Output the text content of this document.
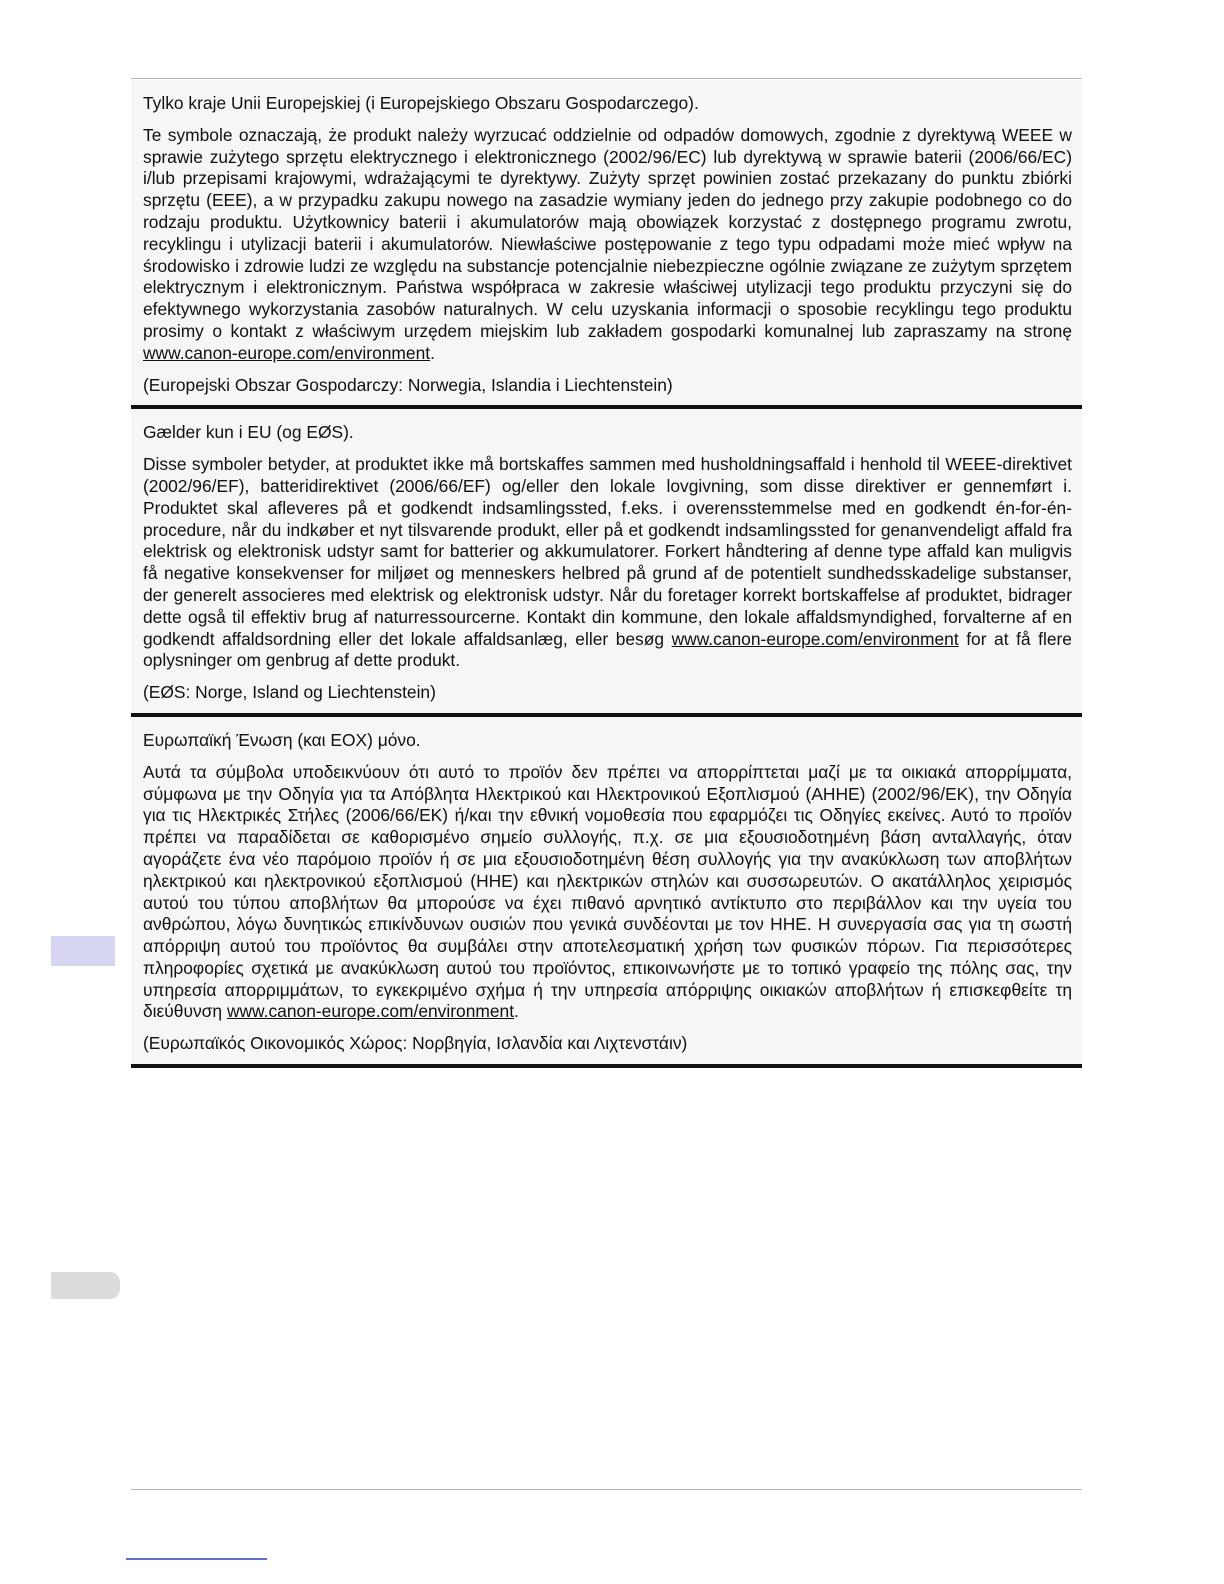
Tylko kraje Unii Europejskiej (i Europejskiego Obszaru Gospodarczego).

Te symbole oznaczają, że produkt należy wyrzucać oddzielnie od odpadów domowych, zgodnie z dyrektywą WEEE w sprawie zużytego sprzętu elektrycznego i elektronicznego (2002/96/EC) lub dyrektywą w sprawie baterii (2006/66/EC) i/lub przepisami krajowymi, wdrażającymi te dyrektywy. Zużyty sprzęt powinien zostać przekazany do punktu zbiórki sprzętu (EEE), a w przypadku zakupu nowego na zasadzie wymiany jeden do jednego przy zakupie podobnego co do rodzaju produktu. Użytkownicy baterii i akumulatorów mają obowiązek korzystać z dostępnego programu zwrotu, recyklingu i utylizacji baterii i akumulatorów. Niewłaściwe postępowanie z tego typu odpadami może mieć wpływ na środowisko i zdrowie ludzi ze względu na substancje potencjalnie niebezpieczne ogólnie związane ze zużytym sprzętem elektrycznym i elektronicznym. Państwa współpraca w zakresie właściwej utylizacji tego produktu przyczyni się do efektywnego wykorzystania zasobów naturalnych. W celu uzyskania informacji o sposobie recyklingu tego produktu prosimy o kontakt z właściwym urzędem miejskim lub zakładem gospodarki komunalnej lub zapraszamy na stronę www.canon-europe.com/environment.

(Europejski Obszar Gospodarczy: Norwegia, Islandia i Liechtenstein)

Gælder kun i EU (og EØS).

Disse symboler betyder, at produktet ikke må bortskaffes sammen med husholdningsaffald i henhold til WEEE-direktivet (2002/96/EF), batteridirektivet (2006/66/EF) og/eller den lokale lovgivning, som disse direktiver er gennemført i. Produktet skal afleveres på et godkendt indsamlingssted, f.eks. i overensstemmelse med en godkendt én-for-én-procedure, når du indkøber et nyt tilsvarende produkt, eller på et godkendt indsamlingssted for genanvendeligt affald fra elektrisk og elektronisk udstyr samt for batterier og akkumulatorer. Forkert håndtering af denne type affald kan muligvis få negative konsekvenser for miljøet og menneskers helbred på grund af de potentielt sundhedsskadelige substanser, der generelt associeres med elektrisk og elektronisk udstyr. Når du foretager korrekt bortskaffelse af produktet, bidrager dette også til effektiv brug af naturressourcerne. Kontakt din kommune, den lokale affaldsmyndighed, forvalterne af en godkendt affaldsordning eller det lokale affaldsanlæg, eller besøg www.canon-europe.com/environment for at få flere oplysninger om genbrug af dette produkt.

(EØS: Norge, Island og Liechtenstein)

Ευρωπαϊκή Ένωση (και ΕΟΧ) μόνο.

Αυτά τα σύμβολα υποδεικνύουν ότι αυτό το προϊόν δεν πρέπει να απορρίπτεται μαζί με τα οικιακά απορρίμματα, σύμφωνα με την Οδηγία για τα Απόβλητα Ηλεκτρικού και Ηλεκτρονικού Εξοπλισμού (ΑΗΗΕ) (2002/96/ΕΚ), την Οδηγία για τις Ηλεκτρικές Στήλες (2006/66/ΕΚ) ή/και την εθνική νομοθεσία που εφαρμόζει τις Οδηγίες εκείνες. Αυτό το προϊόν πρέπει να παραδίδεται σε καθορισμένο σημείο συλλογής, π.χ. σε μια εξουσιοδοτημένη βάση ανταλλαγής, όταν αγοράζετε ένα νέο παρόμοιο προϊόν ή σε μια εξουσιοδοτημένη θέση συλλογής για την ανακύκλωση των αποβλήτων ηλεκτρικού και ηλεκτρονικού εξοπλισμού (ΗΗΕ) και ηλεκτρικών στηλών και συσσωρευτών. Ο ακατάλληλος χειρισμός αυτού του τύπου αποβλήτων θα μπορούσε να έχει πιθανό αρνητικό αντίκτυπο στο περιβάλλον και την υγεία του ανθρώπου, λόγω δυνητικώς επικίνδυνων ουσιών που γενικά συνδέονται με τον ΗΗΕ. Η συνεργασία σας για τη σωστή απόρριψη αυτού του προϊόντος θα συμβάλει στην αποτελεσματική χρήση των φυσικών πόρων. Για περισσότερες πληροφορίες σχετικά με ανακύκλωση αυτού του προϊόντος, επικοινωνήστε με το τοπικό γραφείο της πόλης σας, την υπηρεσία απορριμμάτων, το εγκεκριμένο σχήμα ή την υπηρεσία απόρριψης οικιακών αποβλήτων ή επισκεφθείτε τη διεύθυνση www.canon-europe.com/environment.

(Ευρωπαϊκός Οικονομικός Χώρος: Νορβηγία, Ισλανδία και Λιχτενστάιν)
